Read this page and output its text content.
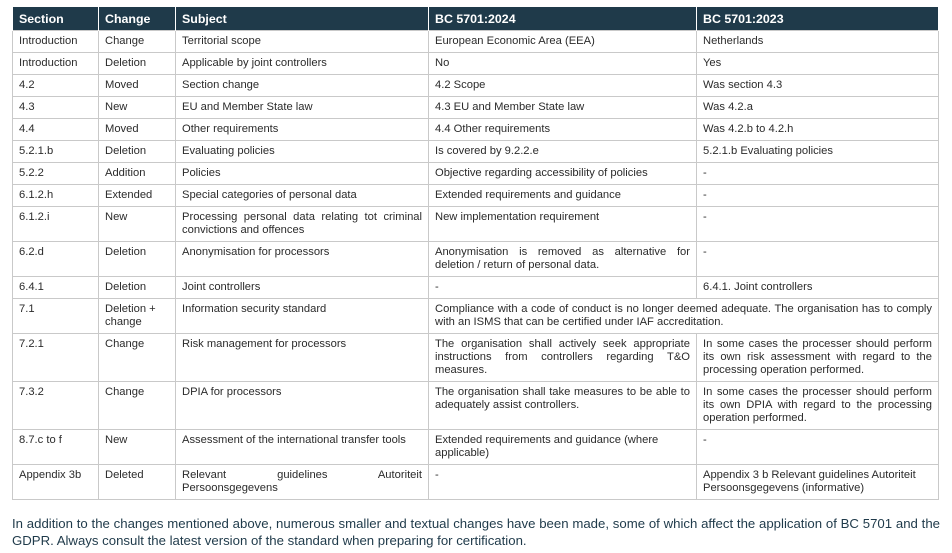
Section	Change	Subject	BC 5701:2024	BC 5701:2023
Introduction	Change	Territorial scope	European Economic Area (EEA)	Netherlands
Introduction	Deletion	Applicable by joint controllers	No	Yes
4.2	Moved	Section change	4.2 Scope	Was section 4.3
4.3	New	EU and Member State law	4.3 EU and Member State law	Was 4.2.a
4.4	Moved	Other requirements	4.4 Other requirements	Was 4.2.b to 4.2.h
5.2.1.b	Deletion	Evaluating policies	Is covered by 9.2.2.e	5.2.1.b Evaluating policies
5.2.2	Addition	Policies	Objective regarding accessibility of policies	-
6.1.2.h	Extended	Special categories of personal data	Extended requirements and guidance	-
6.1.2.i	New	Processing personal data relating tot criminal convictions and offences	New implementation requirement	-
6.2.d	Deletion	Anonymisation for processors	Anonymisation is removed as alternative for deletion / return of personal data.	-
6.4.1	Deletion	Joint controllers	-	6.4.1. Joint controllers
7.1	Deletion + change	Information security standard	Compliance with a code of conduct is no longer deemed adequate. The organisation has to comply with an ISMS that can be certified under IAF accreditation.	
7.2.1	Change	Risk management for processors	The organisation shall actively seek appropriate instructions from controllers regarding T&O measures.	In some cases the processer should perform its own risk assessment with regard to the processing operation performed.
7.3.2	Change	DPIA for processors	The organisation shall take measures to be able to adequately assist controllers.	In some cases the processer should perform its own DPIA with regard to the processing operation performed.
8.7.c to f	New	Assessment of the international transfer tools	Extended requirements and guidance (where applicable)	-
Appendix 3b	Deleted	Relevant guidelines Autoriteit Persoonsgegevens	-	Appendix 3 b Relevant guidelines Autoriteit Persoonsgegevens (informative)

In addition to the changes mentioned above, numerous smaller and textual changes have been made, some of which affect the application of BC 5701 and the GDPR. Always consult the latest version of the standard when preparing for certification.
